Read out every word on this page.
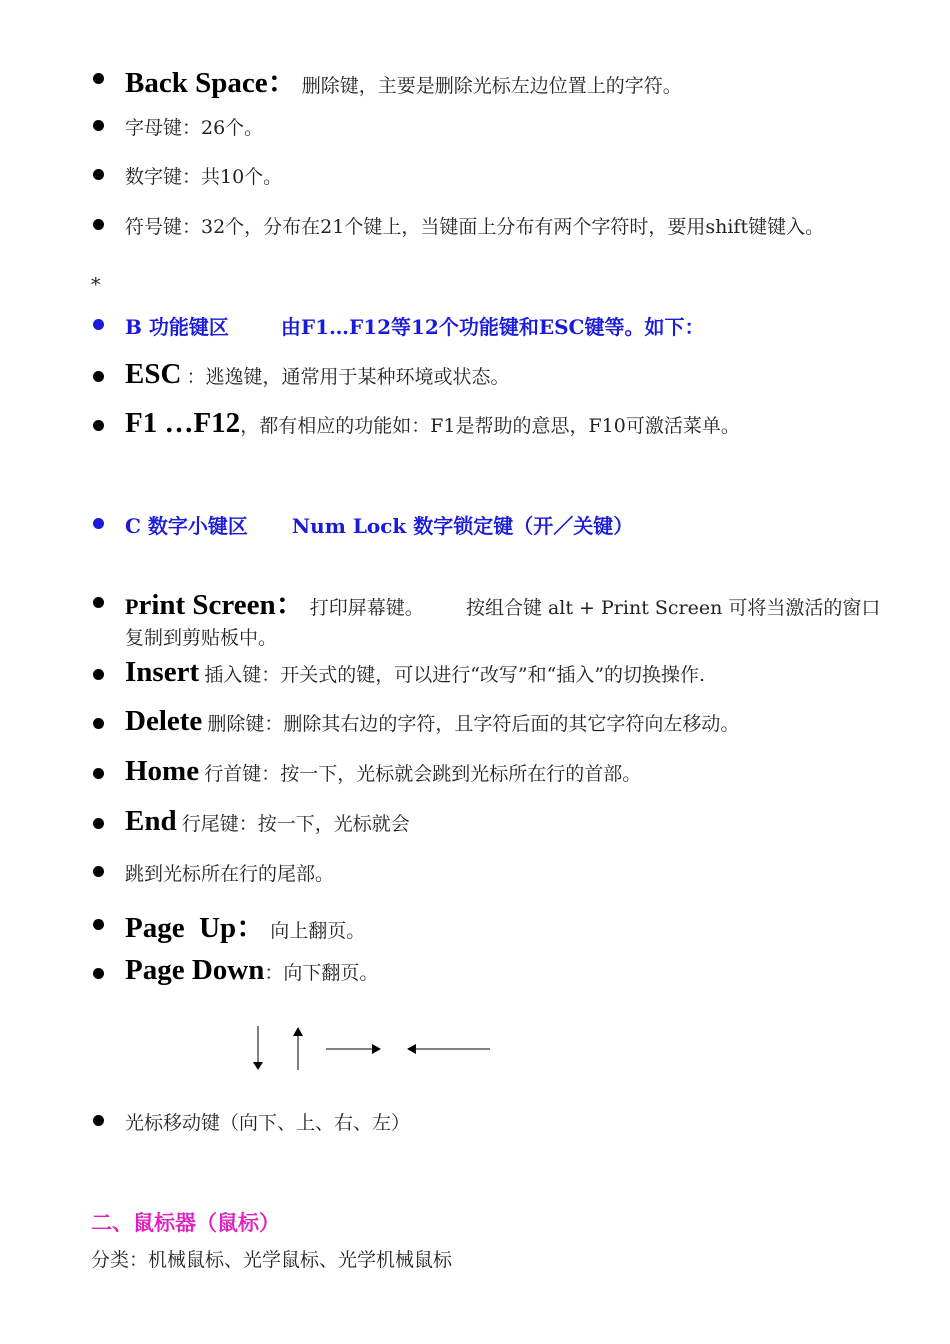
Back Space： 删除键，主要是删除光标左边位置上的字符。
字母键：26个。
数字键：共10个。
符号键：32个，分布在21个键上，当键面上分布有两个字符时，要用shift键键入。
*
B 功能键区	由F1…F12等12个功能键和ESC键等。如下：
ESC ：逃逸键，通常用于某种环境或状态。
F1 …F12，都有相应的功能如：F1是帮助的意思，F10可激活菜单。
C 数字小键区 Num Lock 数字锁定键（开／关键）
Print Screen： 打印屏幕键。 按组合键 alt + Print Screen 可将当激活的窗口
复制到剪贴板中。
Insert 插入键：开关式的键，可以进行“改写”和“插入”的切换操作.
Delete 删除键：删除其右边的字符，且字符后面的其它字符向左移动。
Home 行首键：按一下，光标就会跳到光标所在行的首部。
End 行尾键：按一下，光标就会
跳到光标所在行的尾部。
Page  Up： 向上翻页。
Page Down：向下翻页。
光标移动键（向下、上、右、左）
二、鼠标器（鼠标）
分类：机械鼠标、光学鼠标、光学机械鼠标
